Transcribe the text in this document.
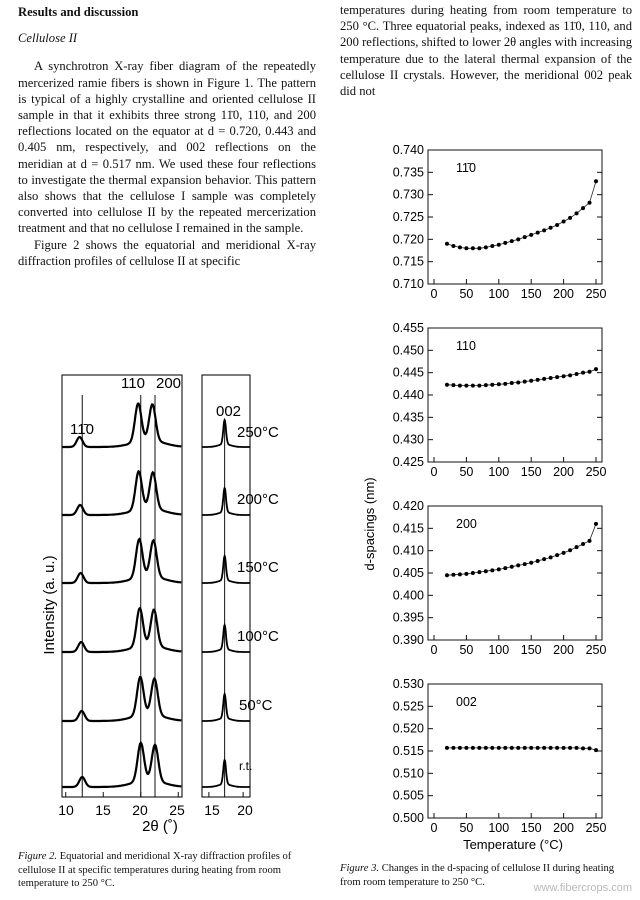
Results and discussion
Cellulose II

A synchrotron X-ray fiber diagram of the repeatedly mercerized ramie fibers is shown in Figure 1. The pattern is typical of a highly crystalline and oriented cellulose II sample in that it exhibits three strong 11̄0, 110, and 200 reflections located on the equator at d = 0.720, 0.443 and 0.405 nm, respectively, and 002 reflections on the meridian at d = 0.517 nm. We used these four reflections to investigate the thermal expansion behavior. This pattern also shows that the cellulose I sample was completely converted into cellulose II by the repeated mercerization treatment and that no cellulose I remained in the sample.

Figure 2 shows the equatorial and meridional X-ray diffraction profiles of cellulose II at specific

temperatures during heating from room temperature to 250 °C. Three equatorial peaks, indexed as 11̄0, 110, and 200 reflections, shifted to lower 2θ angles with increasing temperature due to the lateral thermal expansion of the cellulose II crystals. However, the meridional 002 peak did not

Intensity (a. u.)
2θ (˚)
11̄0
110 200
002
250°C
200°C
150°C
100°C
50°C
r.t.
10 15 20 25 15 20
0.740
0.735
0.730
0.725
0.720
0.715
0.710
0 50 100 150 200 250
11̄0
0.455
0.450
0.445
0.440
0.435
0.430
0.425
0 50 100 150 200 250
110
0.420
0.415
0.410
0.405
0.400
0.395
0.390
0 50 100 150 200 250
200
0.530
0.525
0.520
0.515
0.510
0.505
0.500
0 50 100 150 200 250
002
d-spacings (nm)
Temperature (°C)
Figure 2. Equatorial and meridional X-ray diffraction profiles of cellulose II at specific temperatures during heating from room temperature to 250 °C.
Figure 3. Changes in the d-spacing of cellulose II during heating from room temperature to 250 °C.	www.fibercrops.com
